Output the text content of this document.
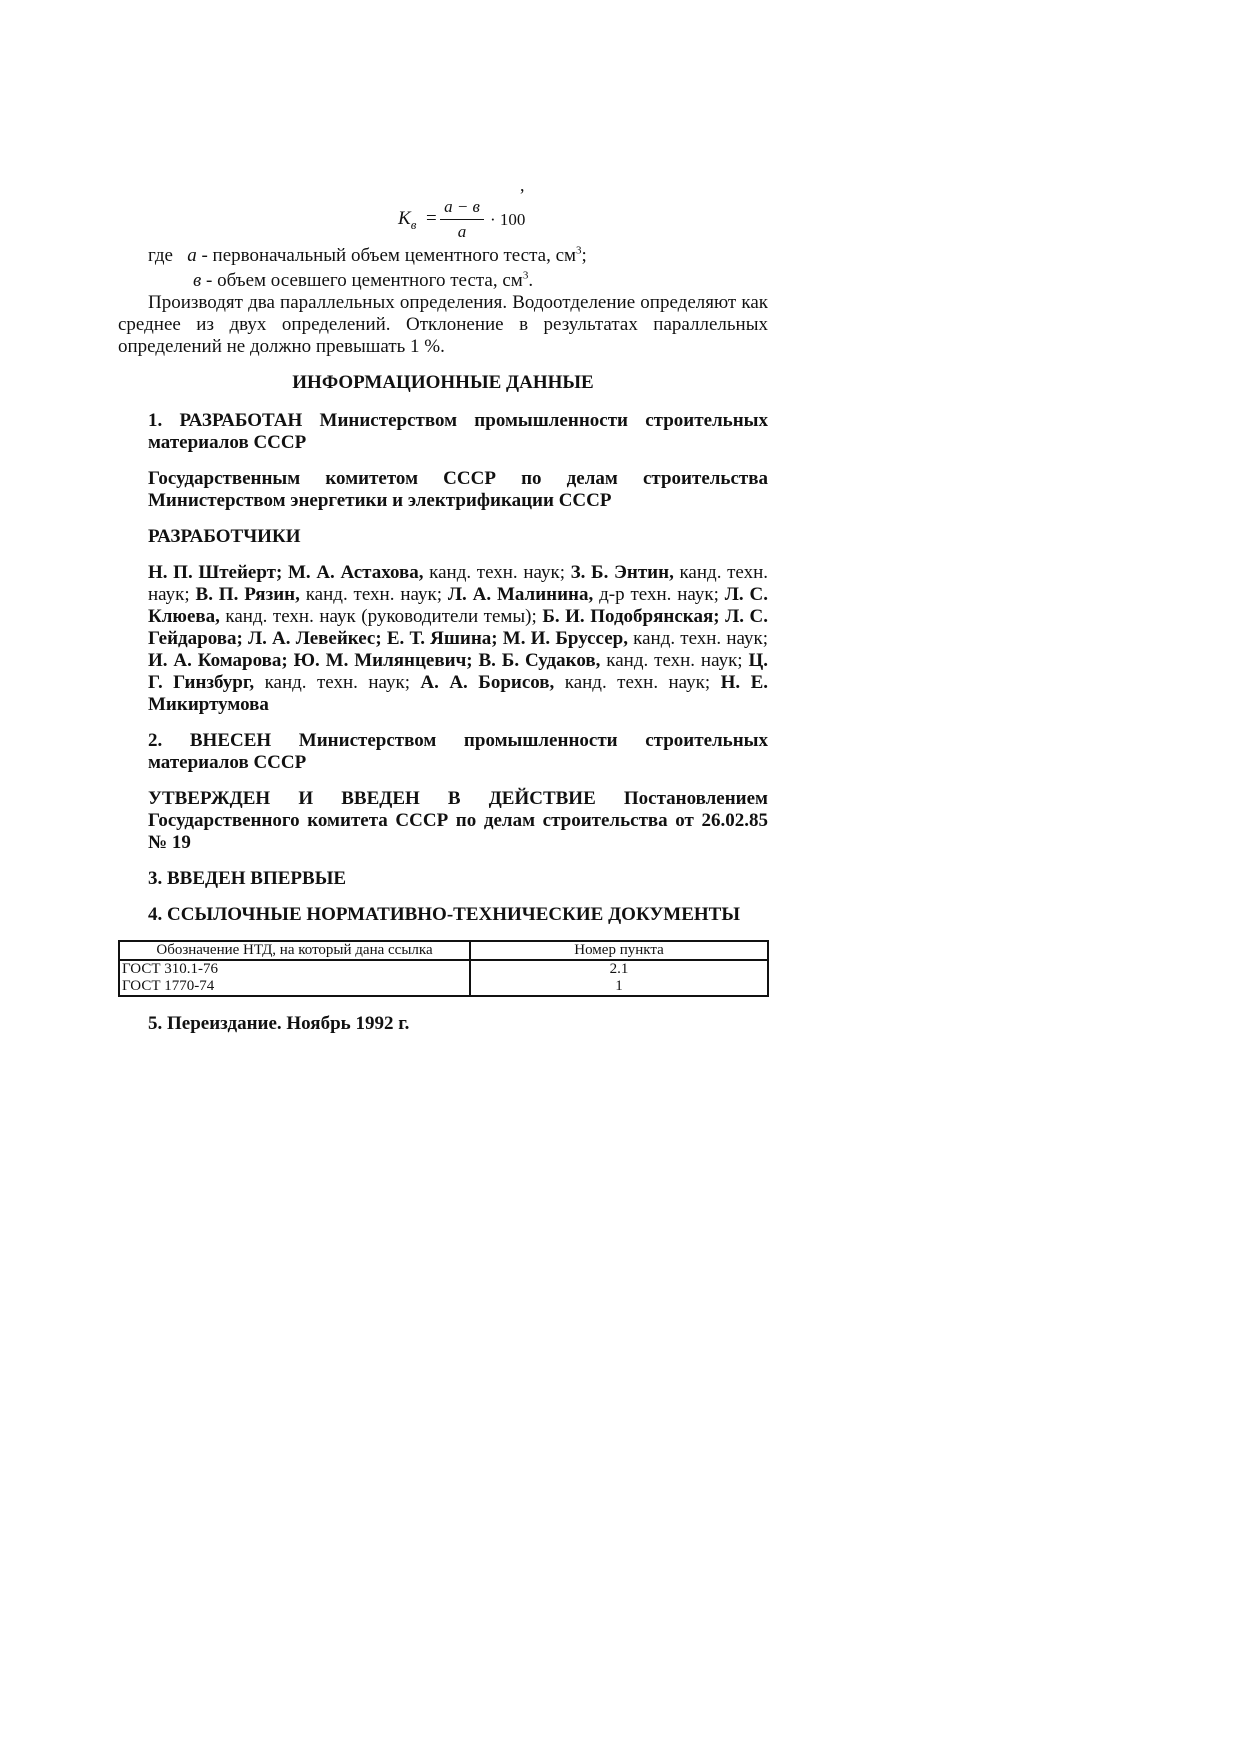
,
$K_в$ =
a − в
a
· 100
где a - первоначальный объем цементного теста, $см^3$;
в - объем осевшего цементного теста, $см^3$.

Производят два параллельных определения. Водоотделение определяют как среднее из двух определений. Отклонение в результатах параллельных определений не должно превышать 1 %.

ИНФОРМАЦИОННЫЕ ДАННЫЕ

1. РАЗРАБОТАН Министерством промышленности строительных материалов СССР

Государственным комитетом СССР по делам строительства Министерством энергетики и электрификации СССР

РАЗРАБОТЧИКИ

Н. П. Штейерт; М. А. Астахова, канд. техн. наук; З. Б. Энтин, канд. техн. наук; В. П. Рязин, канд. техн. наук; Л. А. Малинина, д-р техн. наук; Л. С. Клюева, канд. техн. наук (руководители темы); Б. И. Подобрянская; Л. С. Гейдарова; Л. А. Левейкес; Е. Т. Яшина; М. И. Бруссер, канд. техн. наук; И. А. Комарова; Ю. М. Милянцевич; В. Б. Судаков, канд. техн. наук; Ц. Г. Гинзбург, канд. техн. наук; А. А. Борисов, канд. техн. наук; Н. Е. Микиртумова

2. ВНЕСЕН Министерством промышленности строительных материалов СССР

УТВЕРЖДЕН И ВВЕДЕН В ДЕЙСТВИЕ Постановлением Государственного комитета СССР по делам строительства от 26.02.85 № 19

3. ВВЕДЕН ВПЕРВЫЕ

4. ССЫЛОЧНЫЕ НОРМАТИВНО-ТЕХНИЧЕСКИЕ ДОКУМЕНТЫ

Обозначение НТД, на который дана ссылка	Номер пункта
ГОСТ 310.1-76	2.1
ГОСТ 1770-74	1

5. Переиздание. Ноябрь 1992 г.
